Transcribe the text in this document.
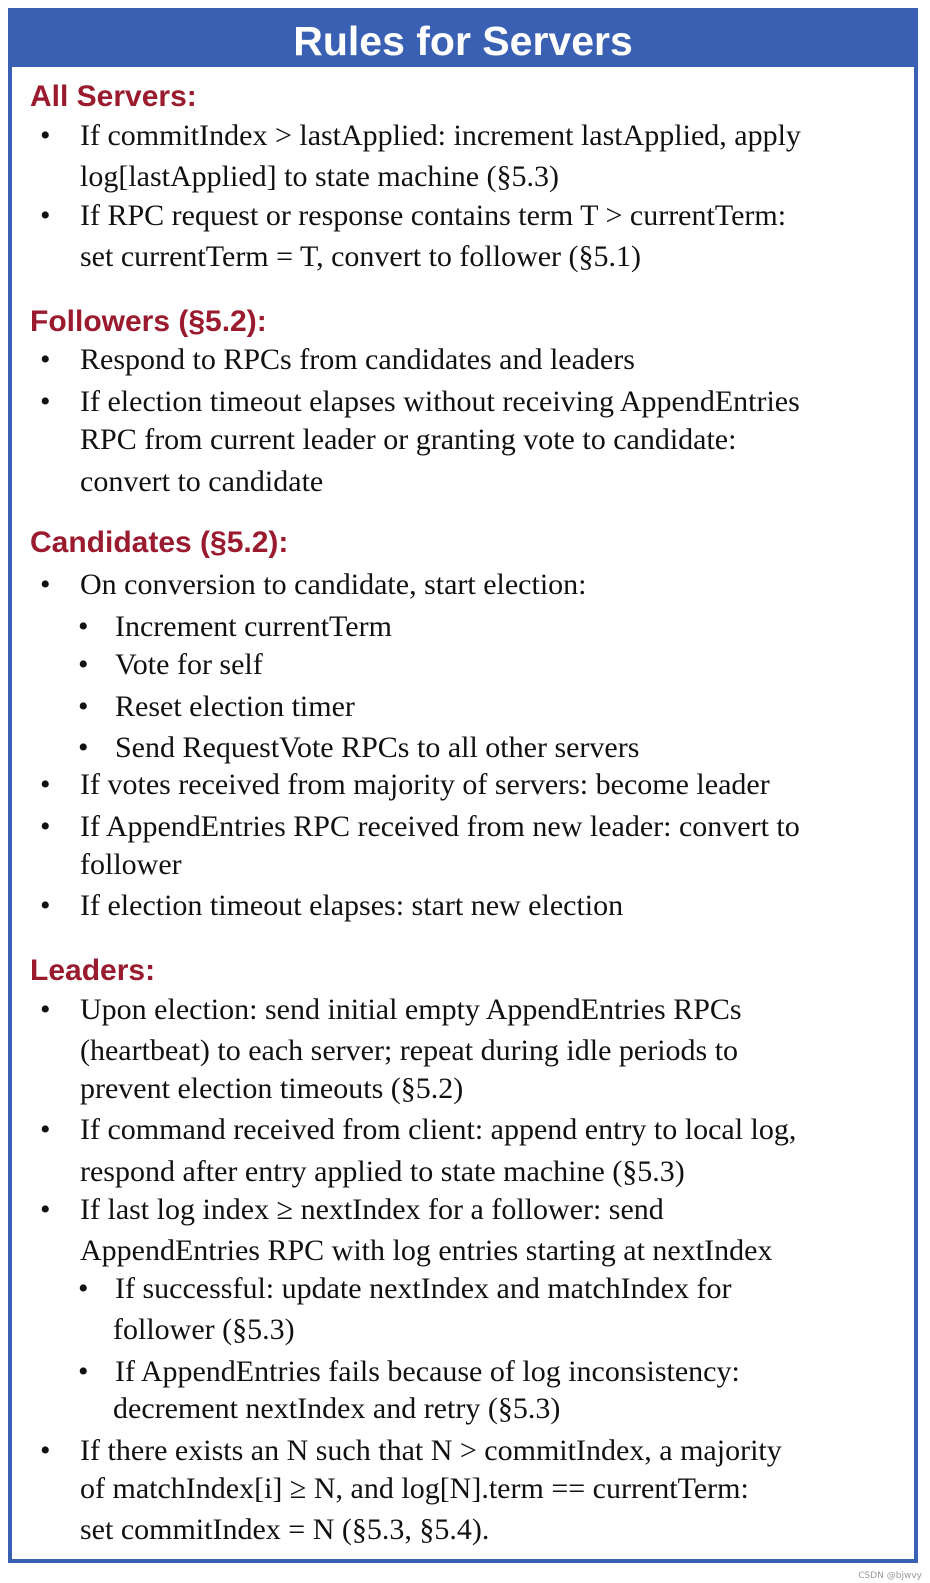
Rules for Servers
All Servers:
• If commitIndex > lastApplied: increment lastApplied, apply
log[lastApplied] to state machine (§5.3)
• If RPC request or response contains term T > currentTerm:
set currentTerm = T, convert to follower (§5.1)
Followers (§5.2):
• Respond to RPCs from candidates and leaders
• If election timeout elapses without receiving AppendEntries
RPC from current leader or granting vote to candidate:
convert to candidate
Candidates (§5.2):
• On conversion to candidate, start election:
• Increment currentTerm
• Vote for self
• Reset election timer
• Send RequestVote RPCs to all other servers
• If votes received from majority of servers: become leader
• If AppendEntries RPC received from new leader: convert to
follower
• If election timeout elapses: start new election
Leaders:
• Upon election: send initial empty AppendEntries RPCs
(heartbeat) to each server; repeat during idle periods to
prevent election timeouts (§5.2)
• If command received from client: append entry to local log,
respond after entry applied to state machine (§5.3)
• If last log index ≥ nextIndex for a follower: send
AppendEntries RPC with log entries starting at nextIndex
• If successful: update nextIndex and matchIndex for
follower (§5.3)
• If AppendEntries fails because of log inconsistency:
decrement nextIndex and retry (§5.3)
• If there exists an N such that N > commitIndex, a majority
of matchIndex[i] ≥ N, and log[N].term == currentTerm:
set commitIndex = N (§5.3, §5.4).
CSDN @bjwvy
